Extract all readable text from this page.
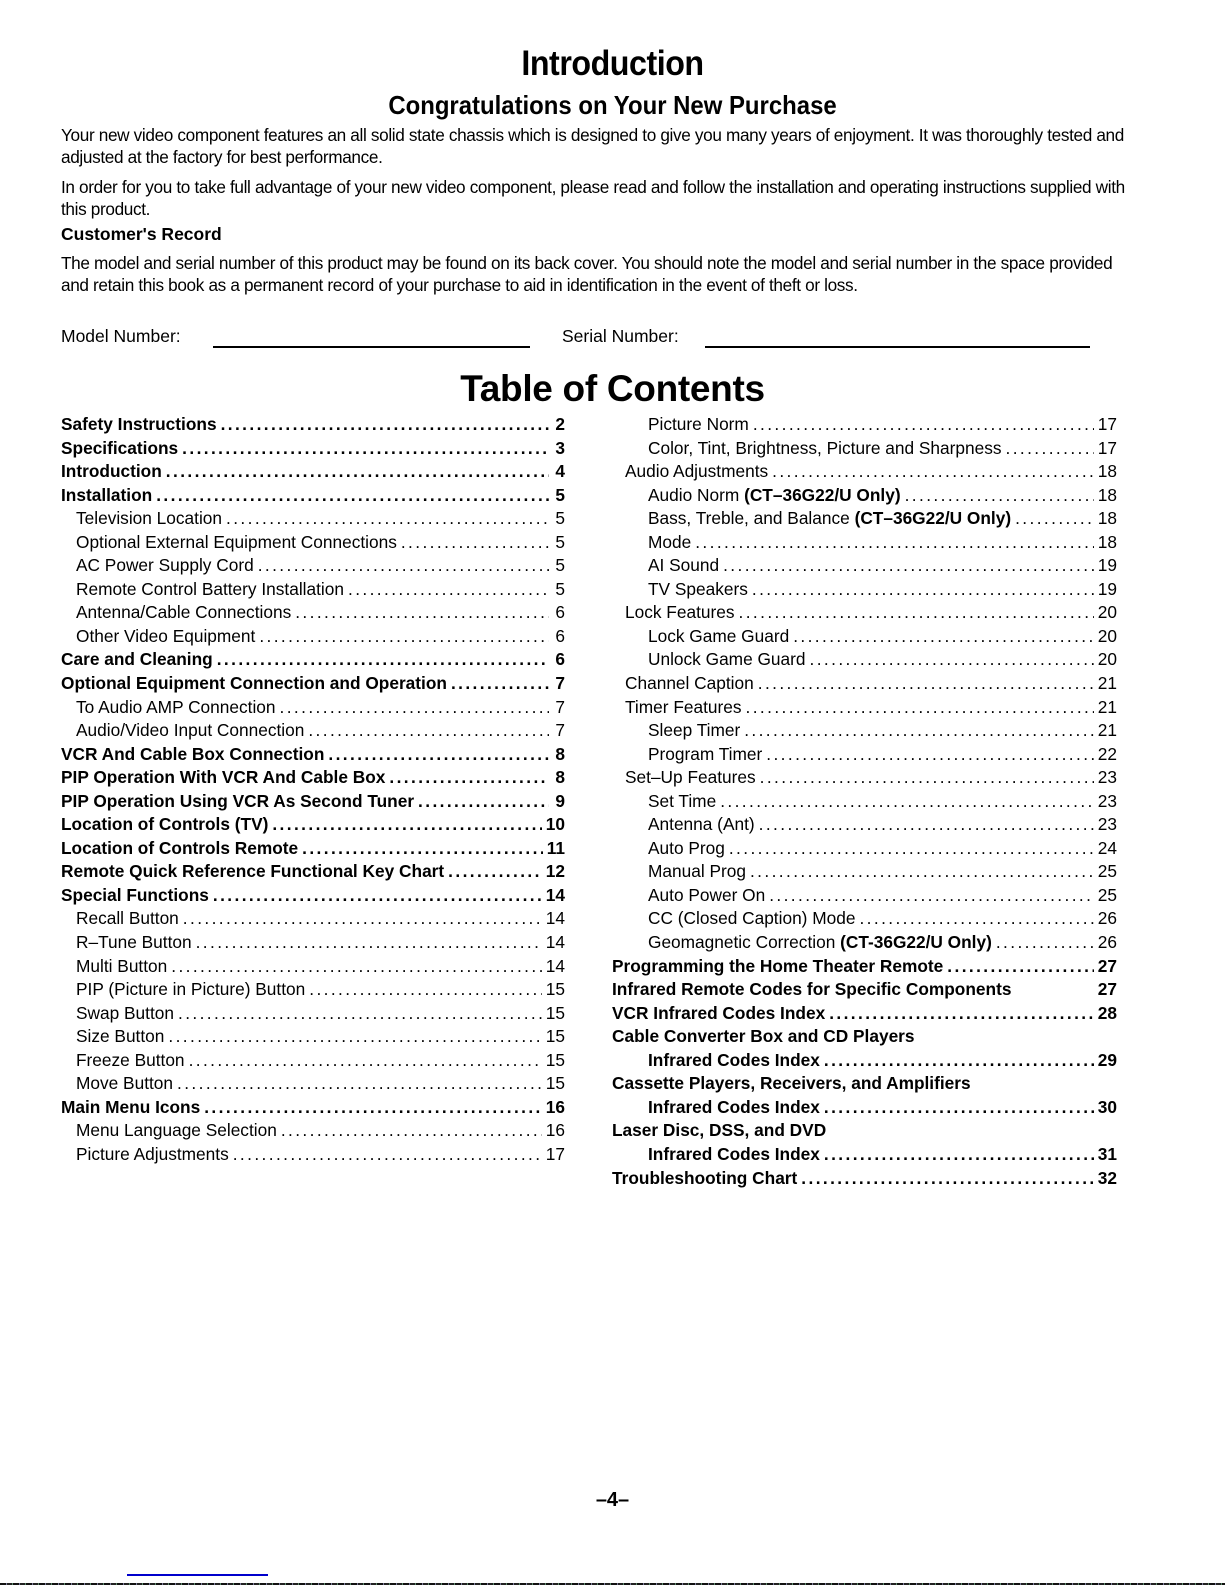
Introduction
Congratulations on Your New Purchase
Your new video component features an all solid state chassis which is designed to give you many years of enjoyment. It was thoroughly tested and adjusted at the factory for best performance.
In order for you to take full advantage of your new video component, please read and follow the installation and operating instructions supplied with this product.
Customer's Record
The model and serial number of this product may be found on its back cover. You should note the model and serial number in the space provided and retain this book as a permanent record of your purchase to aid in identification in the event of theft or loss.
Model Number:	Serial Number:
Table of Contents
Safety Instructions . . .	2
Specifications . . .	3
Introduction . . .	4
Installation . . .	5
Television Location . . .	5
Optional External Equipment Connections . . .	5
AC Power Supply Cord . . .	5
Remote Control Battery Installation . . .	5
Antenna/Cable Connections . . .	6
Other Video Equipment . . .	6
Care and Cleaning . . .	6
Optional Equipment Connection and Operation . . .	7
To Audio AMP Connection . . .	7
Audio/Video Input Connection . . .	7
VCR And Cable Box Connection . . .	8
PIP Operation With VCR And Cable Box . . .	8
PIP Operation Using VCR As Second Tuner . . .	9
Location of Controls (TV) . . .	10
Location of Controls Remote . . .	11
Remote Quick Reference Functional Key Chart . . .	12
Special Functions . . .	14
Recall Button . . .	14
R–Tune Button . . .	14
Multi Button . . .	14
PIP (Picture in Picture) Button . . .	15
Swap Button . . .	15
Size Button . . .	15
Freeze Button . . .	15
Move Button . . .	15
Main Menu Icons . . .	16
Menu Language Selection . . .	16
Picture Adjustments . . .	17
Picture Norm . . .	17
Color, Tint, Brightness, Picture and Sharpness . . .	17
Audio Adjustments . . .	18
Audio Norm (CT–36G22/U Only) . . .	18
Bass, Treble, and Balance (CT–36G22/U Only) . . .	18
Mode . . .	18
AI Sound . . .	19
TV Speakers . . .	19
Lock Features . . .	20
Lock Game Guard . . .	20
Unlock Game Guard . . .	20
Channel Caption . . .	21
Timer Features . . .	21
Sleep Timer . . .	21
Program Timer . . .	22
Set–Up Features . . .	23
Set Time . . .	23
Antenna (Ant) . . .	23
Auto Prog . . .	24
Manual Prog . . .	25
Auto Power On . . .	25
CC (Closed Caption) Mode . . .	26
Geomagnetic Correction (CT-36G22/U Only) . . .	26
Programming the Home Theater Remote . . .	27
Infrared Remote Codes for Specific Components	27
VCR Infrared Codes Index . . .	28
Cable Converter Box and CD Players
Infrared Codes Index . . .	29
Cassette Players, Receivers, and Amplifiers
Infrared Codes Index . . .	30
Laser Disc, DSS, and DVD
Infrared Codes Index . . .	31
Troubleshooting Chart . . .	32
–4–
